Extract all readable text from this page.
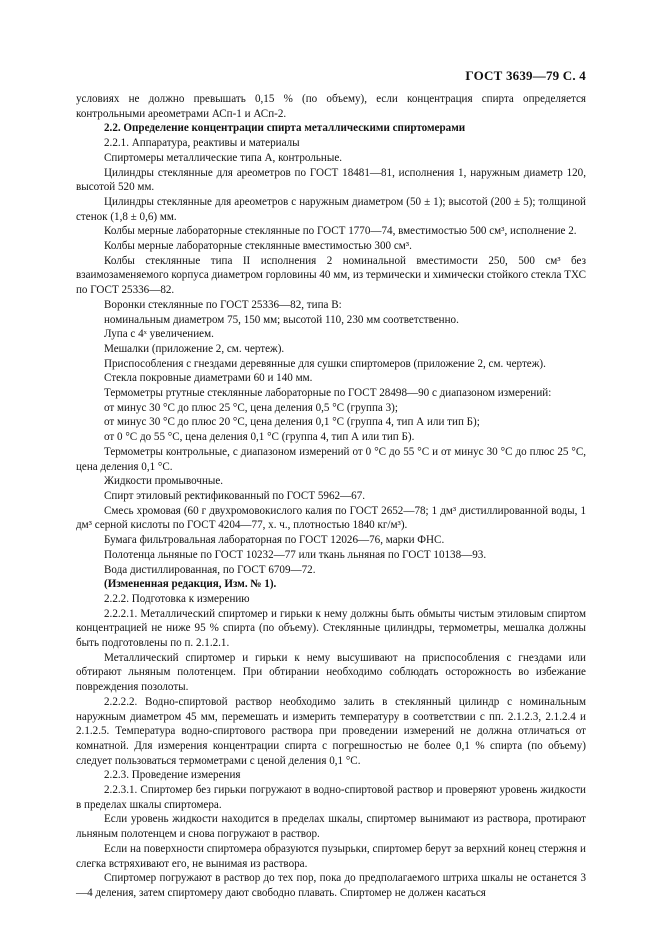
ГОСТ 3639—79 С. 4

условиях не должно превышать 0,15 % (по объему), если концентрация спирта определяется контрольными ареометрами АСп-1 и АСп-2.

2.2. Определение концентрации спирта металлическими спиртомерами

2.2.1. Аппаратура, реактивы и материалы

Спиртомеры металлические типа А, контрольные.

Цилиндры стеклянные для ареометров по ГОСТ 18481—81, исполнения 1, наружным диаметр 120, высотой 520 мм.

Цилиндры стеклянные для ареометров с наружным диаметром (50 ± 1); высотой (200 ± 5); толщиной стенок (1,8 ± 0,6) мм.

Колбы мерные лабораторные стеклянные по ГОСТ 1770—74, вместимостью 500 см³, исполнение 2.

Колбы мерные лабораторные стеклянные вместимостью 300 см³.

Колбы стеклянные типа II исполнения 2 номинальной вместимости 250, 500 см³ без взаимозаменяемого корпуса диаметром горловины 40 мм, из термически и химически стойкого стекла ТХС по ГОСТ 25336—82.

Воронки стеклянные по ГОСТ 25336—82, типа В:

номинальным диаметром 75, 150 мм; высотой 110, 230 мм соответственно.

Лупа с 4ˣ увеличением.

Мешалки (приложение 2, см. чертеж).

Приспособления с гнездами деревянные для сушки спиртомеров (приложение 2, см. чертеж).

Стекла покровные диаметрами 60 и 140 мм.

Термометры ртутные стеклянные лабораторные по ГОСТ 28498—90 с диапазоном измерений:

от минус 30 °С до плюс 25 °С, цена деления 0,5 °С (группа 3);

от минус 30 °С до плюс 20 °С, цена деления 0,1 °С (группа 4, тип А или тип Б);

от 0 °С до 55 °С, цена деления 0,1 °С (группа 4, тип А или тип Б).

Термометры контрольные, с диапазоном измерений от 0 °С до 55 °С и от минус 30 °С до плюс 25 °С, цена деления 0,1 °С.

Жидкости промывочные.

Спирт этиловый ректификованный по ГОСТ 5962—67.

Смесь хромовая (60 г двухромовокислого калия по ГОСТ 2652—78; 1 дм³ дистиллированной воды, 1 дм³ серной кислоты по ГОСТ 4204—77, х. ч., плотностью 1840 кг/м³).

Бумага фильтровальная лабораторная по ГОСТ 12026—76, марки ФНС.

Полотенца льняные по ГОСТ 10232—77 или ткань льняная по ГОСТ 10138—93.

Вода дистиллированная, по ГОСТ 6709—72.

(Измененная редакция, Изм. № 1).

2.2.2. Подготовка к измерению

2.2.2.1. Металлический спиртомер и гирьки к нему должны быть обмыты чистым этиловым спиртом концентрацией не ниже 95 % спирта (по объему). Стеклянные цилиндры, термометры, мешалка должны быть подготовлены по п. 2.1.2.1.

Металлический спиртомер и гирьки к нему высушивают на приспособления с гнездами или обтирают льняным полотенцем. При обтирании необходимо соблюдать осторожность во избежание повреждения позолоты.

2.2.2.2. Водно-спиртовой раствор необходимо залить в стеклянный цилиндр с номинальным наружным диаметром 45 мм, перемешать и измерить температуру в соответствии с пп. 2.1.2.3, 2.1.2.4 и 2.1.2.5. Температура водно-спиртового раствора при проведении измерений не должна отличаться от комнатной. Для измерения концентрации спирта с погрешностью не более 0,1 % спирта (по объему) следует пользоваться термометрами с ценой деления 0,1 °С.

2.2.3. Проведение измерения

2.2.3.1. Спиртомер без гирьки погружают в водно-спиртовой раствор и проверяют уровень жидкости в пределах шкалы спиртомера.

Если уровень жидкости находится в пределах шкалы, спиртомер вынимают из раствора, протирают льняным полотенцем и снова погружают в раствор.

Если на поверхности спиртомера образуются пузырьки, спиртомер берут за верхний конец стержня и слегка встряхивают его, не вынимая из раствора.

Спиртомер погружают в раствор до тех пор, пока до предполагаемого штриха шкалы не останется 3—4 деления, затем спиртомеру дают свободно плавать. Спиртомер не должен касаться
